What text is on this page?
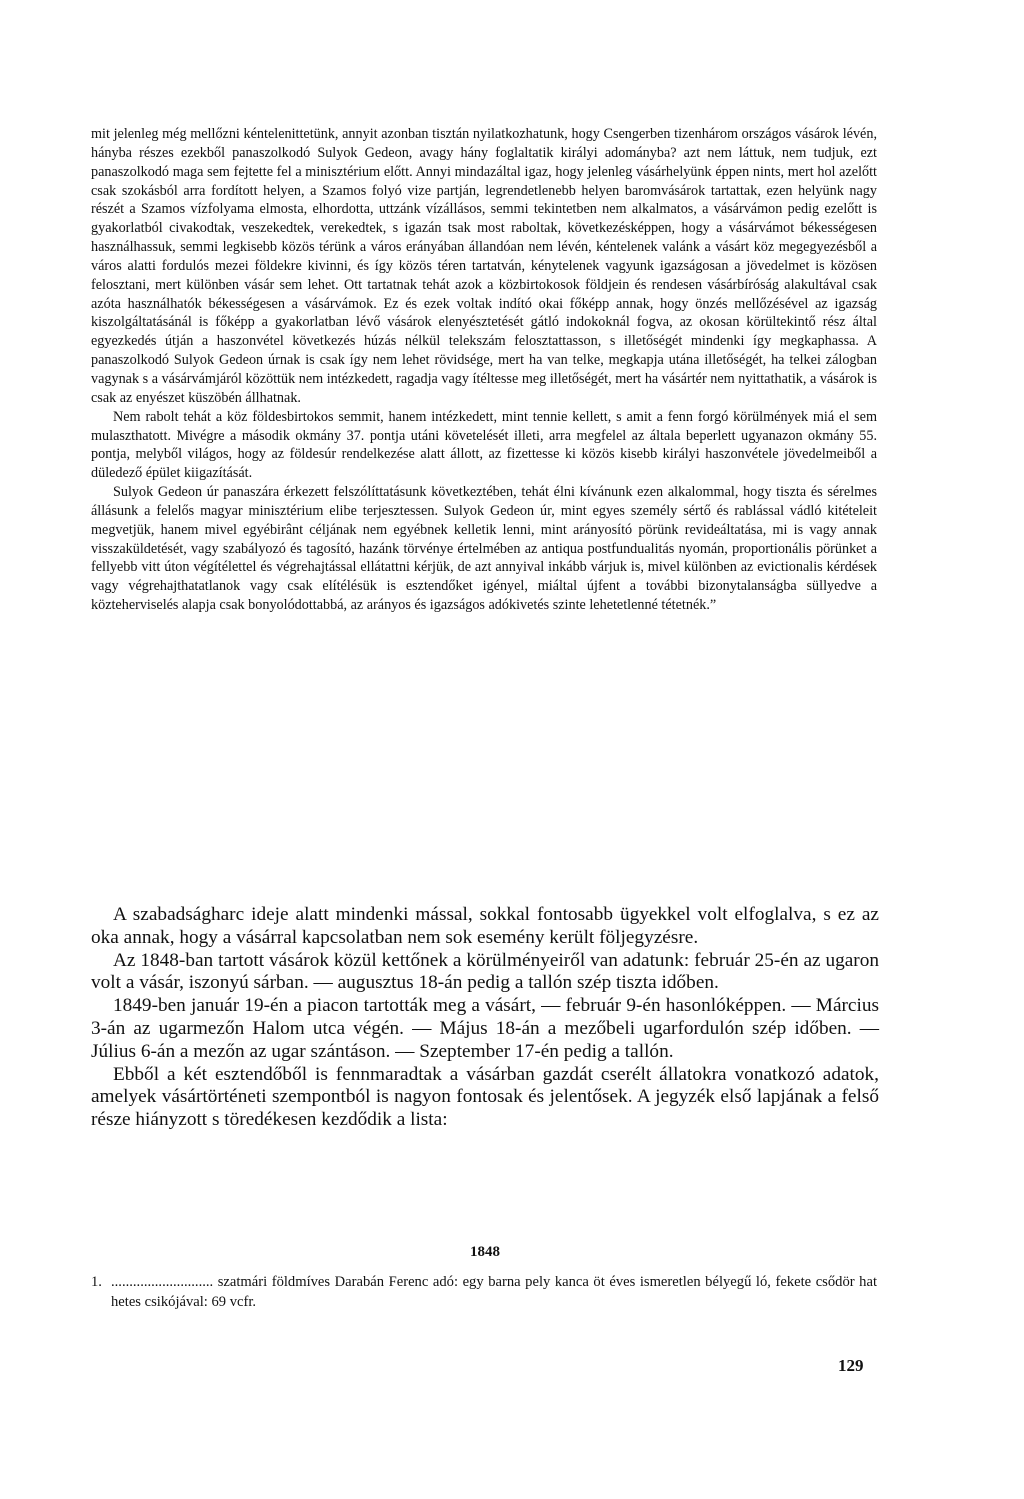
mit jelenleg még mellőzni kéntelenittetünk, annyit azonban tisztán nyilatkozhatunk, hogy Csengerben tizenhárom országos vásárok lévén, hányba részes ezekből panaszolkodó Sulyok Gedeon, avagy hány foglaltatik királyi adományba? azt nem láttuk, nem tudjuk, ezt panaszolkodó maga sem fejtette fel a minisztérium előtt. Annyi mindazáltal igaz, hogy jelenleg vásárhelyünk éppen nints, mert hol azelőtt csak szokásból arra fordított helyen, a Szamos folyó vize partján, legrendetlenebb helyen baromvásárok tartattak, ezen helyünk nagy részét a Szamos vízfolyama elmosta, elhordotta, uttzánk vízállásos, semmi tekintetben nem alkalmatos, a vásárvámon pedig ezelőtt is gyakorlatból civakodtak, veszekedtek, verekedtek, s igazán tsak most raboltak, következésképpen, hogy a vásárvámot békességesen használhassuk, semmi legkisebb közös térünk a város erányában állandóan nem lévén, kéntelenek valánk a vásárt köz megegyezésből a város alatti fordulós mezei földekre kivinni, és így közös téren tartatván, kénytelenek vagyunk igazságosan a jövedelmet is közösen felosztani, mert különben vásár sem lehet. Ott tartatnak tehát azok a közbirtokosok földjein és rendesen vásárbíróság alakultával csak azóta használhatók békességesen a vásárvámok. Ez és ezek voltak indító okai főképp annak, hogy önzés mellőzésével az igazság kiszolgáltatásánál is főképp a gyakorlatban lévő vásárok elenyésztetését gátló indokoknál fogva, az okosan körültekintő rész által egyezkedés útján a haszonvétel következés húzás nélkül telekszám felosztattasson, s illetőségét mindenki így megkaphassa. A panaszolkodó Sulyok Gedeon úrnak is csak így nem lehet rövidsége, mert ha van telke, megkapja utána illetőségét, ha telkei zálogban vagynak s a vásárvámjáról közöttük nem intézkedett, ragadja vagy ítéltesse meg illetőségét, mert ha vásártér nem nyittathatik, a vásárok is csak az enyészet küszöbén állhatnak.

Nem rabolt tehát a köz földesbirtokos semmit, hanem intézkedett, mint tennie kellett, s amit a fenn forgó körülmények miá el sem mulaszthatott. Mivégre a második okmány 37. pontja utáni követelését illeti, arra megfelel az általa beperlett ugyanazon okmány 55. pontja, melyből világos, hogy az földesúr rendelkezése alatt állott, az fizettesse ki közös kisebb királyi haszonvétele jövedelmeiből a düledező épület kiigazítását.

Sulyok Gedeon úr panaszára érkezett felszólíttatásunk következtében, tehát élni kívánunk ezen alkalommal, hogy tiszta és sérelmes állásunk a felelős magyar minisztérium elibe terjesztessen. Sulyok Gedeon úr, mint egyes személy sértő és rablással vádló kitételeit megvetjük, hanem mivel egyébirânt céljának nem egyébnek kelletik lenni, mint arányosító pörünk revideáltatása, mi is vagy annak visszaküldetését, vagy szabályozó és tagosító, hazánk törvénye értelmében az antiqua postfundualitás nyomán, proportionális pörünket a fellyebb vitt úton végítélettel és végrehajtással ellátattni kérjük, de azt annyival inkább várjuk is, mivel különben az evictionalis kérdések vagy végrehajthatatlanok vagy csak elítélésük is esztendőket igényel, miáltal újfent a további bizonytalanságba süllyedve a közteherviselés alapja csak bonyolódottabbá, az arányos és igazságos adókivetés szinte lehetetlenné tétetnék.”

A szabadságharc ideje alatt mindenki mással, sokkal fontosabb ügyekkel volt elfoglalva, s ez az oka annak, hogy a vásárral kapcsolatban nem sok esemény került följegyzésre.

Az 1848-ban tartott vásárok közül kettőnek a körülményeiről van adatunk: február 25-én az ugaron volt a vásár, iszonyú sárban. — augusztus 18-án pedig a tallón szép tiszta időben.

1849-ben január 19-én a piacon tartották meg a vásárt, — február 9-én hasonlóképpen. — Március 3-án az ugarmezőn Halom utca végén. — Május 18-án a mezőbeli ugarfordulón szép időben. — Július 6-án a mezőn az ugar szántáson. — Szeptember 17-én pedig a tallón.

Ebből a két esztendőből is fennmaradtak a vásárban gazdát cserélt állatokra vonatkozó adatok, amelyek vásártörténeti szempontból is nagyon fontosak és jelentősek. A jegyzék első lapjának a felső része hiányzott s töredékesen kezdődik a lista:

1848
1. ............................ szatmári földmíves Darabán Ferenc adó: egy barna pely kanca öt éves ismeretlen bélyegű ló, fekete csődör hat hetes csikójával: 69 vcfr.
129
